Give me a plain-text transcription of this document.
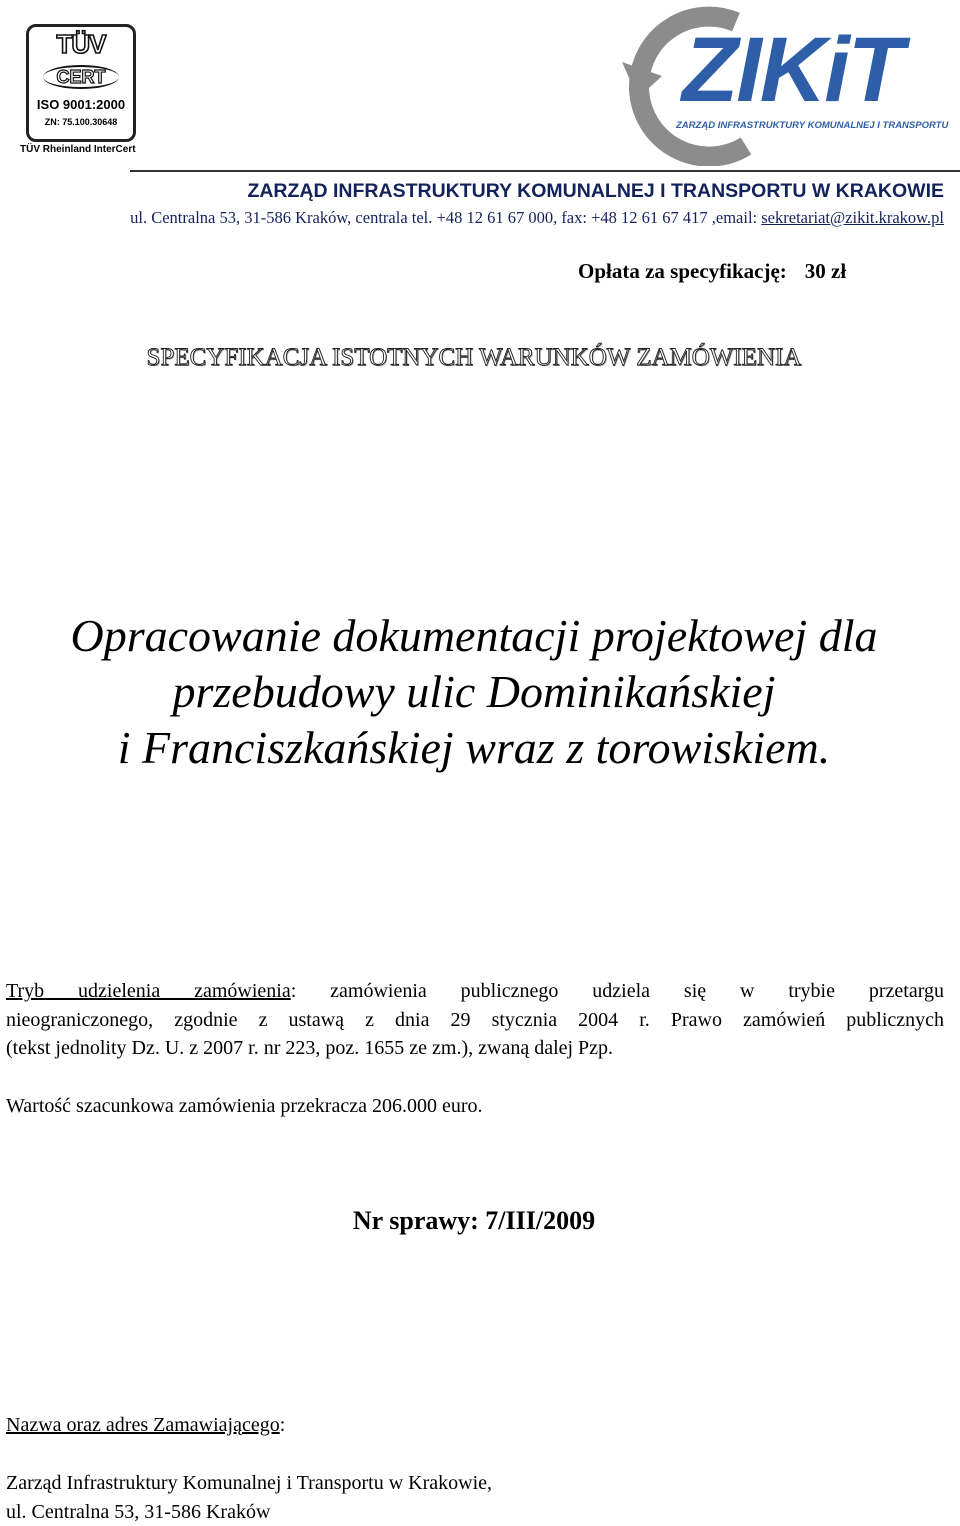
TÜV
CERT
ISO 9001:2000
ZN: 75.100.30648
TÜV Rheinland InterCert
ZIKiT
ZARZĄD INFRASTRUKTURY KOMUNALNEJ I TRANSPORTU
ZARZĄD INFRASTRUKTURY KOMUNALNEJ I TRANSPORTU W KRAKOWIE
ul. Centralna 53, 31-586 Kraków, centrala tel. +48 12 61 67 000, fax: +48 12 61 67 417 ,email: sekretariat@zikit.krakow.pl
Opłata za specyfikację: 30 zł
SPECYFIKACJA ISTOTNYCH WARUNKÓW ZAMÓWIENIA
Opracowanie dokumentacji projektowej dla
przebudowy ulic Dominikańskiej
i Franciszkańskiej wraz z torowiskiem.
Tryb udzielenia zamówienia: zamówienia publicznego udziela się w trybie przetargu
nieograniczonego, zgodnie z ustawą z dnia 29 stycznia 2004 r. Prawo zamówień publicznych
(tekst jednolity Dz. U. z 2007 r. nr 223, poz. 1655 ze zm.), zwaną dalej Pzp.
Wartość szacunkowa zamówienia przekracza 206.000 euro.
Nr sprawy: 7/III/2009
Nazwa oraz adres Zamawiającego:
Zarząd Infrastruktury Komunalnej i Transportu w Krakowie,
ul. Centralna 53, 31-586 Kraków
